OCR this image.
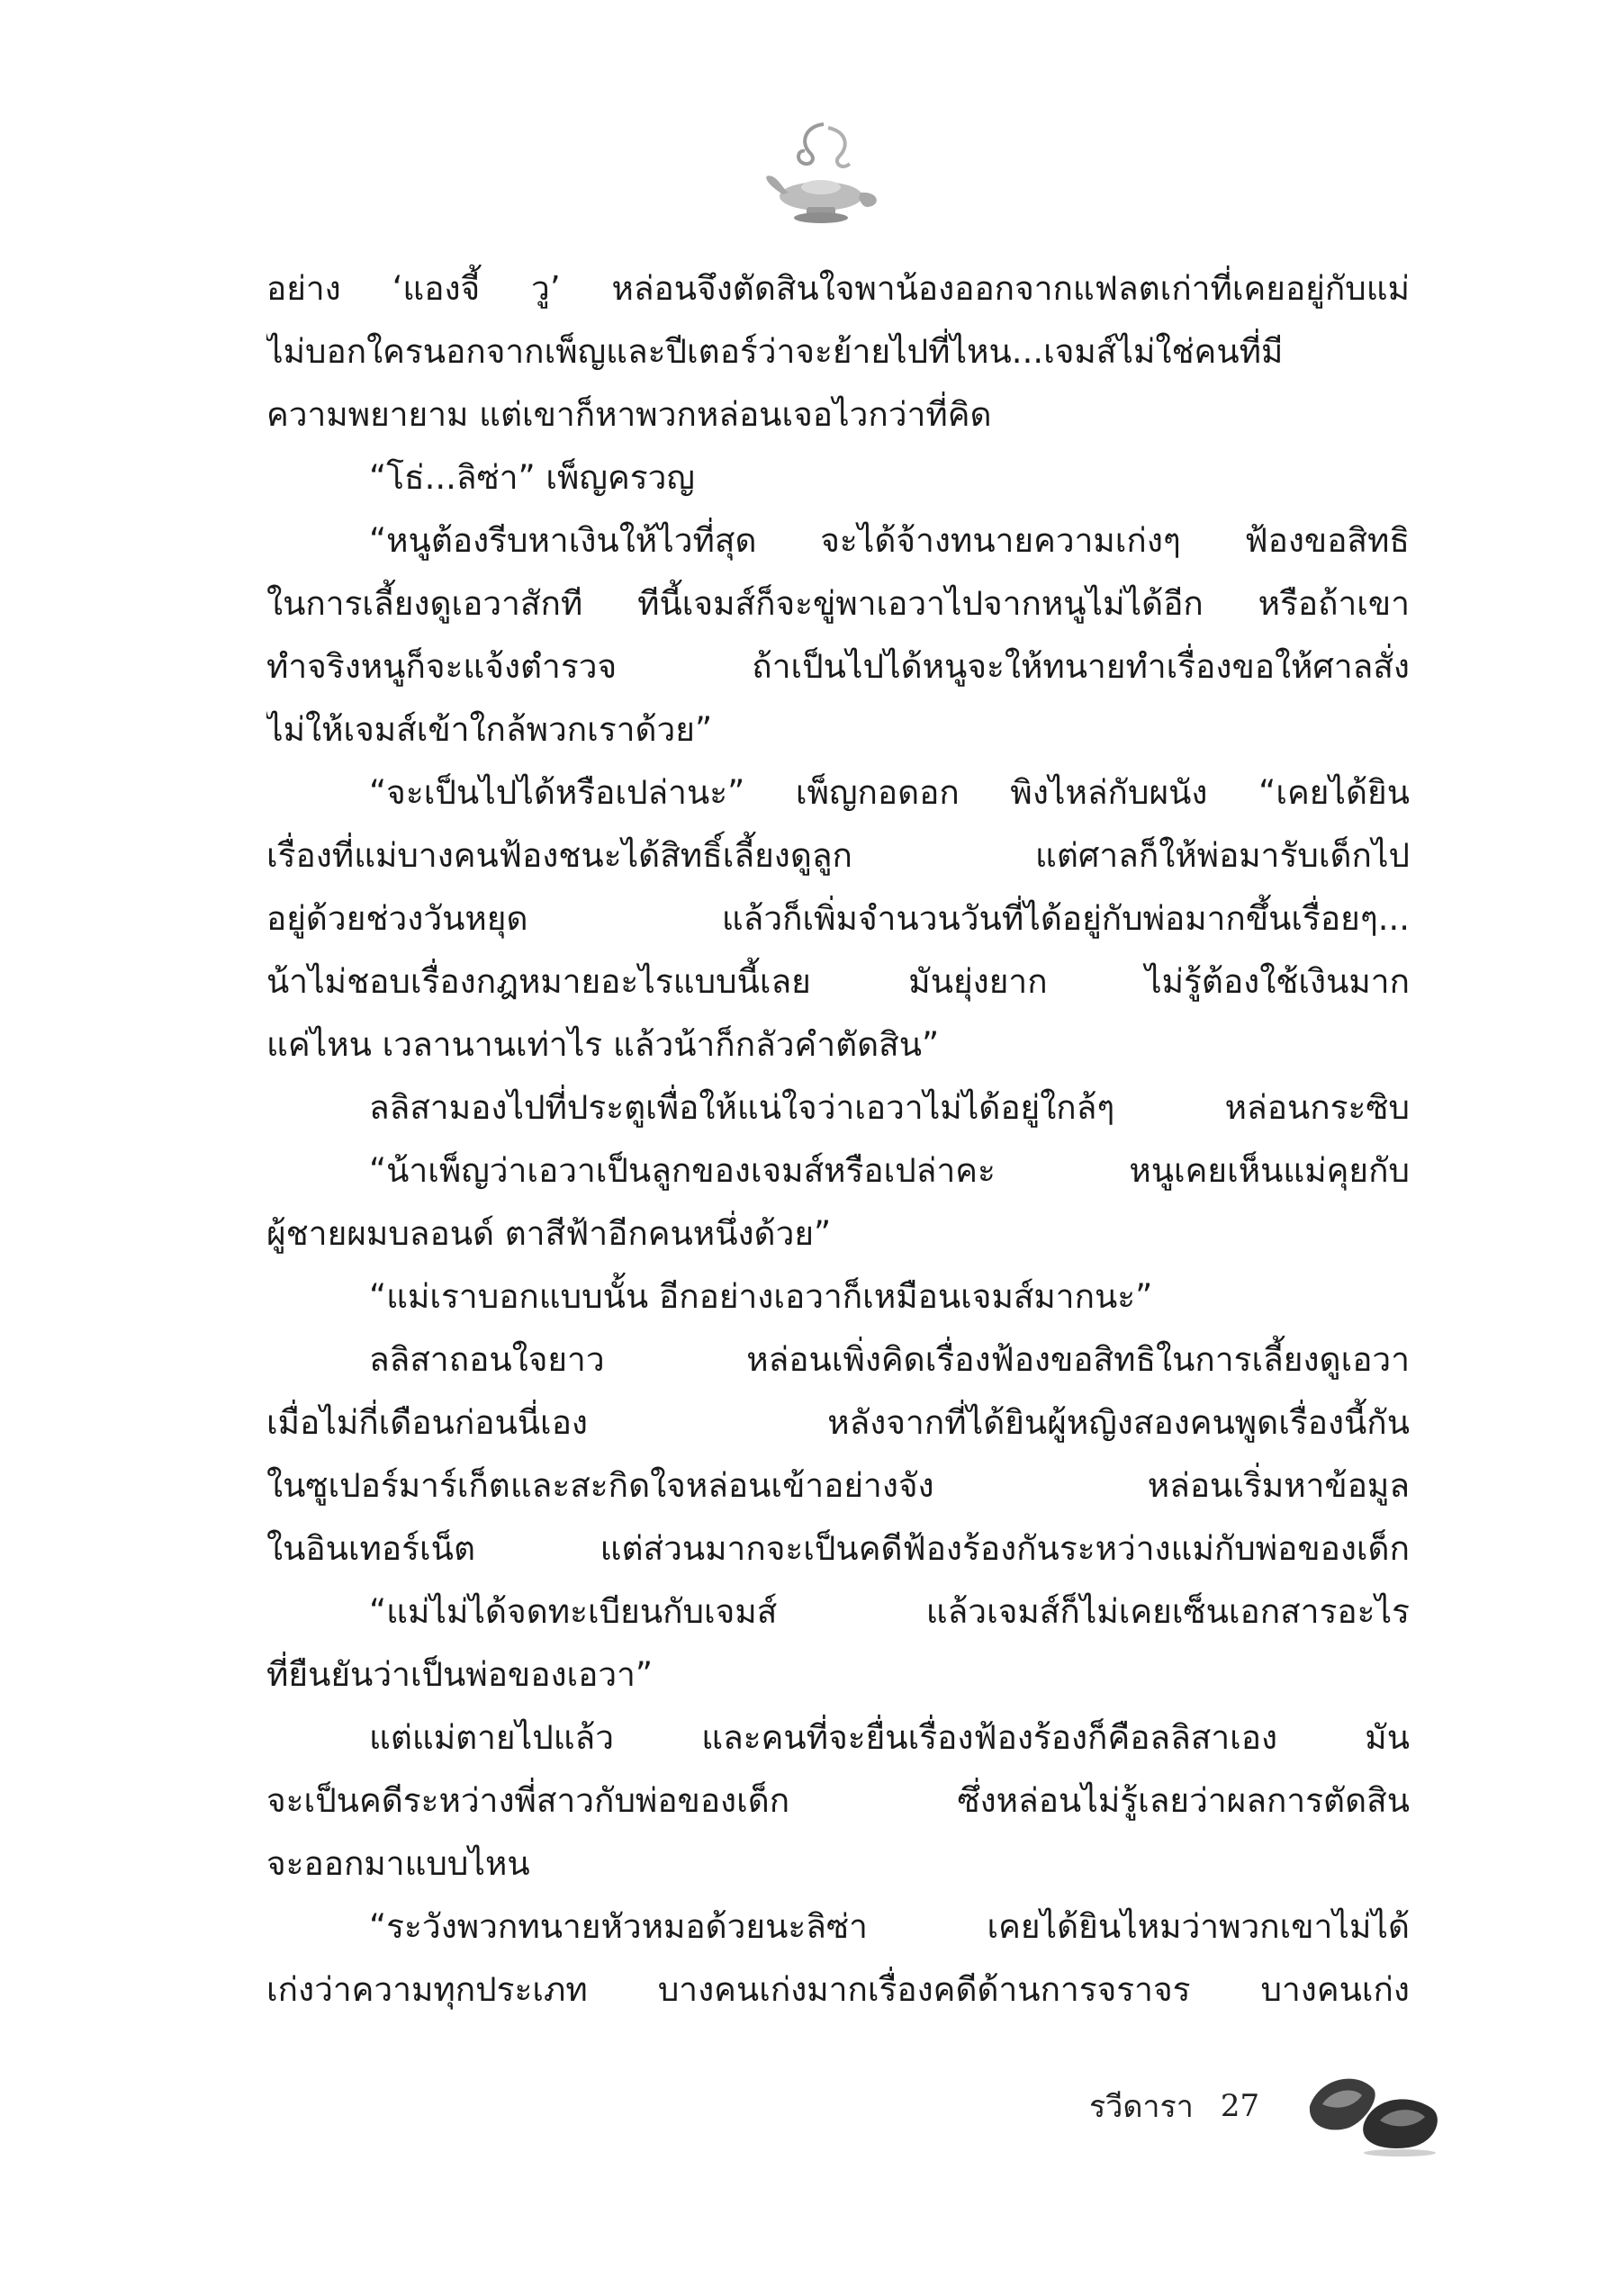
อย่าง ‘แองจี้ วู’ หล่อนจึงตัดสินใจพาน้องออกจากแฟลตเก่าที่เคยอยู่กับแม่
ไม่บอกใครนอกจากเพ็ญและปีเตอร์ว่าจะย้ายไปที่ไหน...เจมส์ไม่ใช่คนที่มี
ความพยายาม แต่เขาก็หาพวกหล่อนเจอไวกว่าที่คิด
“โธ่...ลิซ่า” เพ็ญครวญ
“หนูต้องรีบหาเงินให้ไวที่สุด จะได้จ้างทนายความเก่งๆ ฟ้องขอสิทธิ
ในการเลี้ยงดูเอวาสักที ทีนี้เจมส์ก็จะขู่พาเอวาไปจากหนูไม่ได้อีก หรือถ้าเขา
ทำจริงหนูก็จะแจ้งตำรวจ ถ้าเป็นไปได้หนูจะให้ทนายทำเรื่องขอให้ศาลสั่ง
ไม่ให้เจมส์เข้าใกล้พวกเราด้วย”
“จะเป็นไปได้หรือเปล่านะ” เพ็ญกอดอก พิงไหล่กับผนัง “เคยได้ยิน
เรื่องที่แม่บางคนฟ้องชนะได้สิทธิ์เลี้ยงดูลูก แต่ศาลก็ให้พ่อมารับเด็กไป
อยู่ด้วยช่วงวันหยุด แล้วก็เพิ่มจำนวนวันที่ได้อยู่กับพ่อมากขึ้นเรื่อยๆ...
น้าไม่ชอบเรื่องกฎหมายอะไรแบบนี้เลย มันยุ่งยาก ไม่รู้ต้องใช้เงินมาก
แค่ไหน เวลานานเท่าไร แล้วน้าก็กลัวคำตัดสิน”
ลลิสามองไปที่ประตูเพื่อให้แน่ใจว่าเอวาไม่ได้อยู่ใกล้ๆ หล่อนกระซิบ
“น้าเพ็ญว่าเอวาเป็นลูกของเจมส์หรือเปล่าคะ หนูเคยเห็นแม่คุยกับ
ผู้ชายผมบลอนด์ ตาสีฟ้าอีกคนหนึ่งด้วย”
“แม่เราบอกแบบนั้น อีกอย่างเอวาก็เหมือนเจมส์มากนะ”
ลลิสาถอนใจยาว หล่อนเพิ่งคิดเรื่องฟ้องขอสิทธิในการเลี้ยงดูเอวา
เมื่อไม่กี่เดือนก่อนนี่เอง หลังจากที่ได้ยินผู้หญิงสองคนพูดเรื่องนี้กัน
ในซูเปอร์มาร์เก็ตและสะกิดใจหล่อนเข้าอย่างจัง หล่อนเริ่มหาข้อมูล
ในอินเทอร์เน็ต แต่ส่วนมากจะเป็นคดีฟ้องร้องกันระหว่างแม่กับพ่อของเด็ก
“แม่ไม่ได้จดทะเบียนกับเจมส์ แล้วเจมส์ก็ไม่เคยเซ็นเอกสารอะไร
ที่ยืนยันว่าเป็นพ่อของเอวา”
แต่แม่ตายไปแล้ว และคนที่จะยื่นเรื่องฟ้องร้องก็คือลลิสาเอง มัน
จะเป็นคดีระหว่างพี่สาวกับพ่อของเด็ก ซึ่งหล่อนไม่รู้เลยว่าผลการตัดสิน
จะออกมาแบบไหน
“ระวังพวกทนายหัวหมอด้วยนะลิซ่า เคยได้ยินไหมว่าพวกเขาไม่ได้
เก่งว่าความทุกประเภท บางคนเก่งมากเรื่องคดีด้านการจราจร บางคนเก่ง
รวีดารา 27
